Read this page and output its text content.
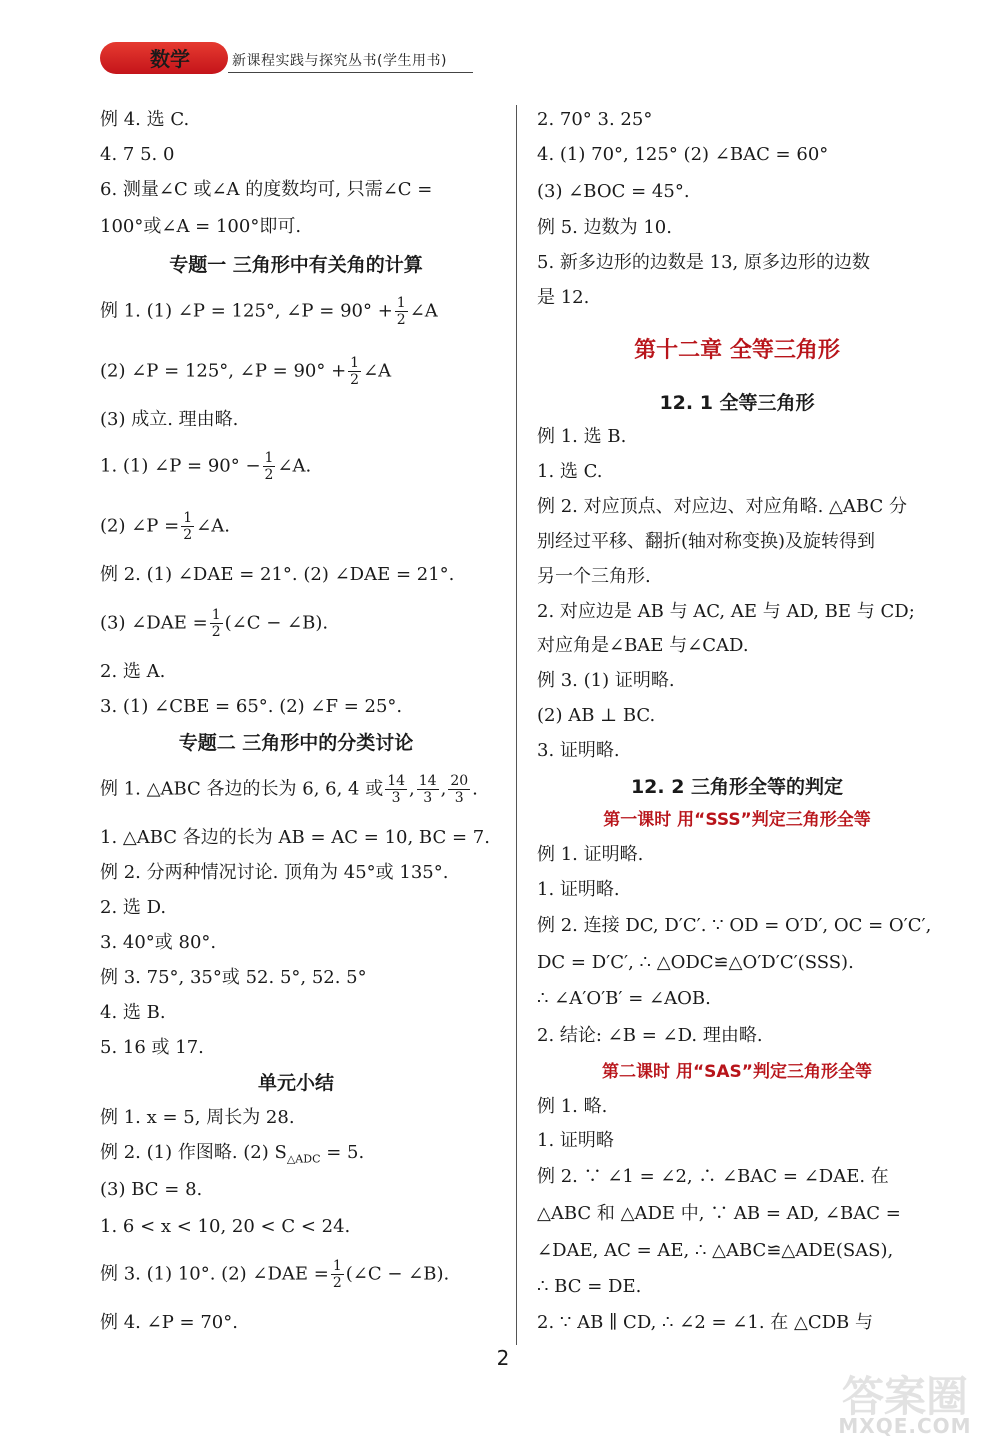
数学	新课程实践与探究丛书(学生用书)
例 4. 选 C.
4. 7 5. 0
6. 测量∠C 或∠A 的度数均可, 只需∠C =
100°或∠A = 100°即可.
专题一 三角形中有关角的计算
例 1. (1) ∠P = 125°, ∠P = $90^\circ + \frac{1}{2}$ ∠A
(2) ∠P = 125°, ∠P = $90^\circ + \frac{1}{2}$ ∠A
(3) 成立. 理由略.
1. (1) ∠P = $90^\circ - \frac{1}{2}$ ∠A.
(2) ∠P = $\frac{1}{2}$ ∠A.
例 2. (1) ∠DAE = 21°. (2) ∠DAE = 21°.
(3) ∠DAE = $\frac{1}{2}$ (∠C − ∠B).
2. 选 A.
3. (1) ∠CBE = 65°. (2) ∠F = 25°.
专题二 三角形中的分类讨论
例 1. △ABC 各边的长为 6, 6, 4 或 $\frac{14}{3}$ , $\frac{14}{3}$ , $\frac{20}{3}$ .
1. △ABC 各边的长为 AB = AC = 10, BC = 7.
例 2. 分两种情况讨论. 顶角为 45°或 135°.
2. 选 D.
3. 40°或 80°.
例 3. 75°, 35°或 52. 5°, 52. 5°
4. 选 B.
5. 16 或 17.
单元小结
例 1. x = 5, 周长为 28.
例 2. (1) 作图略. (2) $S_{\triangle ADC} = 5$.
(3) BC = 8.
1. 6 < x < 10, 20 < C < 24.
例 3. (1) 10°. (2) ∠DAE = $\frac{1}{2}$ (∠C − ∠B).
例 4. ∠P = 70°.
2. 70° 3. 25°
4. (1) 70°, 125° (2) ∠BAC = 60°
(3) ∠BOC = 45°.
例 5. 边数为 10.
5. 新多边形的边数是 13, 原多边形的边数
是 12.
第十二章 全等三角形
12. 1 全等三角形
例 1. 选 B.
1. 选 C.
例 2. 对应顶点、对应边、对应角略. △ABC 分
别经过平移、翻折(轴对称变换)及旋转得到
另一个三角形.
2. 对应边是 AB 与 AC, AE 与 AD, BE 与 CD;
对应角是∠BAE 与∠CAD.
例 3. (1) 证明略.
(2) AB ⊥ BC.
3. 证明略.
12. 2 三角形全等的判定
第一课时 用“SSS”判定三角形全等
例 1. 证明略.
1. 证明略.
例 2. 连接 DC, D′C′. ∵ OD = O′D′, OC = O′C′,
DC = D′C′, ∴ △ODC≌△O′D′C′(SSS).
∴ ∠A′O′B′ = ∠AOB.
2. 结论: ∠B = ∠D. 理由略.
第二课时 用“SAS”判定三角形全等
例 1. 略.
1. 证明略
例 2. ∵ ∠1 = ∠2, ∴ ∠BAC = ∠DAE. 在
△ABC 和 △ADE 中, ∵ AB = AD, ∠BAC =
∠DAE, AC = AE, ∴ △ABC≌△ADE(SAS),
∴ BC = DE.
2. ∵ AB ∥ CD, ∴ ∠2 = ∠1. 在 △CDB 与
2
答案圈
MXQE.COM
